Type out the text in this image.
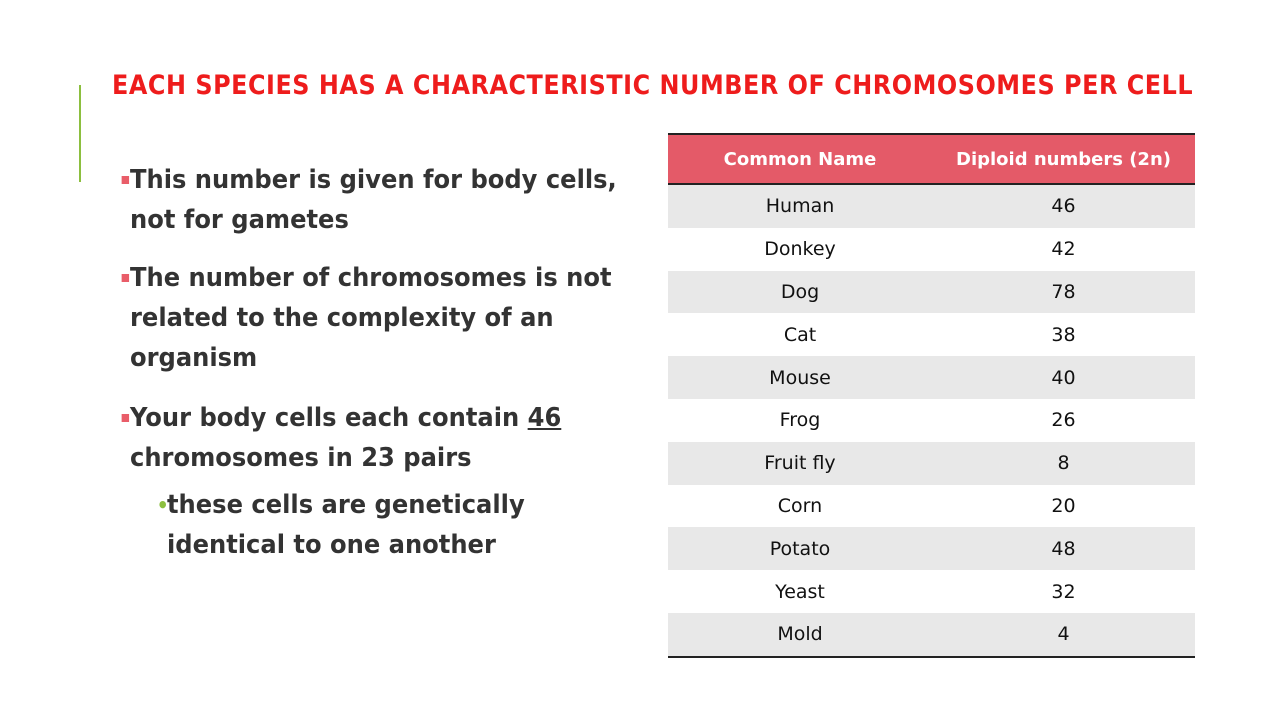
EACH SPECIES HAS A CHARACTERISTIC NUMBER OF CHROMOSOMES PER CELL

This number is given for body cells, not for gametes

The number of chromosomes is not related to the complexity of an organism

Your body cells each contain 46 chromosomes in 23 pairs

•
these cells are genetically identical to one another

Common Name	Diploid numbers (2n)
Human	46
Donkey	42
Dog	78
Cat	38
Mouse	40
Frog	26
Fruit fly	8
Corn	20
Potato	48
Yeast	32
Mold	4
